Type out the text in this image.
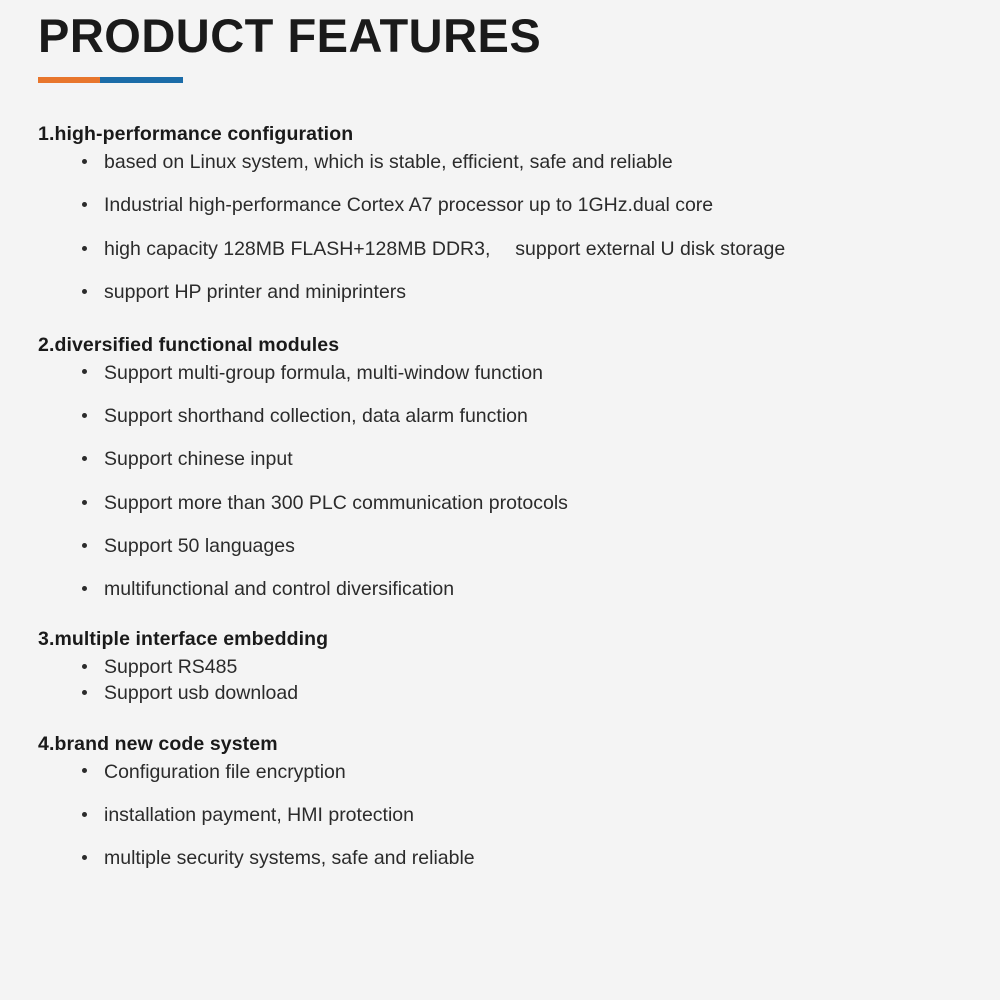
PRODUCT FEATURES
1.high-performance configuration
based on Linux system, which is stable, efficient, safe and reliable
Industrial high-performance Cortex A7 processor up to 1GHz.dual core
high capacity 128MB FLASH+128MB DDR3,　 support external U disk storage
support HP printer and miniprinters
2.diversified functional modules
Support multi-group formula, multi-window function
Support shorthand collection, data alarm function
Support chinese input
Support more than 300 PLC communication protocols
Support 50 languages
multifunctional and control diversification
3.multiple interface embedding
Support RS485
Support usb download
4.brand new code system
Configuration file encryption
installation payment, HMI protection
multiple security systems, safe and reliable
